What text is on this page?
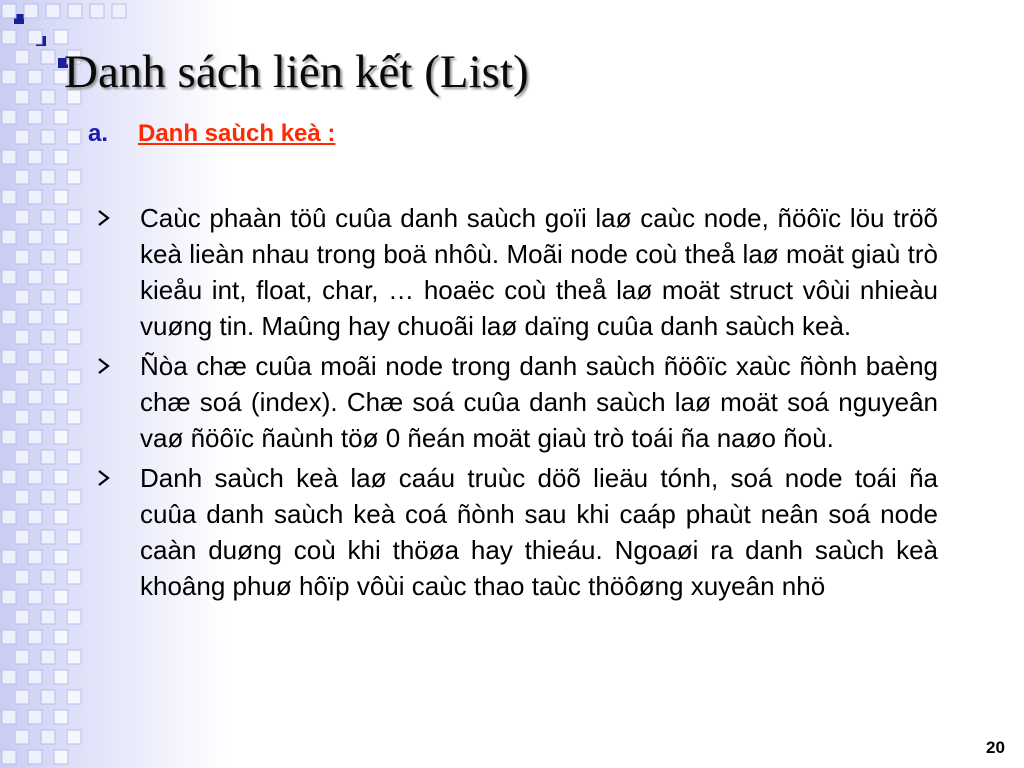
Danh sách liên kết (List)
a. Danh saùch keà :
Caùc phaàn töû cuûa danh saùch goïi laø caùc node, ñöôïc löu tröõ keà lieàn nhau trong boä nhôù. Moãi node coù theå laø moät giaù trò kieåu int, float, char, … hoaëc coù theå laø moät struct vôùi nhieàu vuøng tin. Maûng hay chuoãi laø daïng cuûa danh saùch keà.
Ñòa chæ cuûa moãi node trong danh saùch ñöôïc xaùc ñònh baèng chæ soá (index). Chæ soá cuûa danh saùch laø moät soá nguyeân vaø ñöôïc ñaùnh töø 0 ñeán moät giaù trò toái ña naøo ñoù.
Danh saùch keà laø caáu truùc döõ lieäu tónh, soá node toái ña cuûa danh saùch keà coá ñònh sau khi caáp phaùt neân soá node caàn duøng coù khi thöøa hay thieáu. Ngoaøi ra danh saùch keà khoâng phuø hôïp vôùi caùc thao taùc thöôøng xuyeân nhö
20
